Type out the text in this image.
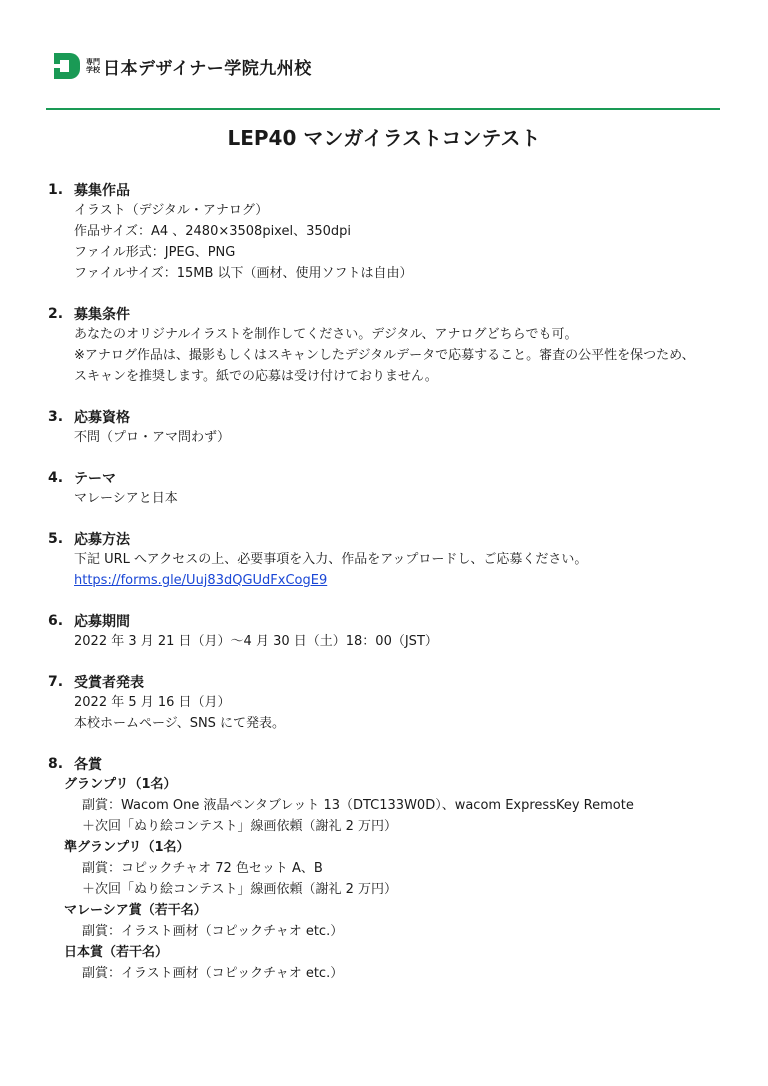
専門
学校 日本デザイナー学院九州校
LEP40 マンガイラストコンテスト
1. 募集作品
イラスト（デジタル・アナログ）
作品サイズ：A4 、2480×3508pixel、350dpi
ファイル形式：JPEG、PNG
ファイルサイズ：15MB 以下（画材、使用ソフトは自由）
2. 募集条件
あなたのオリジナルイラストを制作してください。デジタル、アナログどちらでも可。
※アナログ作品は、撮影もしくはスキャンしたデジタルデータで応募すること。審査の公平性を保つため、
スキャンを推奨します。紙での応募は受け付けておりません。
3. 応募資格
不問（プロ・アマ問わず）
4. テーマ
マレーシアと日本
5. 応募方法
下記 URL へアクセスの上、必要事項を入力、作品をアップロードし、ご応募ください。
https://forms.gle/Uuj83dQGUdFxCogE9
6. 応募期間
2022 年 3 月 21 日（月）～4 月 30 日（土）18：00（JST）
7. 受賞者発表
2022 年 5 月 16 日（月）
本校ホームページ、SNS にて発表。
8. 各賞
グランプリ（1名）
副賞：Wacom One 液晶ペンタブレット 13（DTC133W0D）、wacom ExpressKey Remote
＋次回「ぬり絵コンテスト」線画依頼（謝礼 2 万円）
準グランプリ（1名）
副賞：コピックチャオ 72 色セット A、B
＋次回「ぬり絵コンテスト」線画依頼（謝礼 2 万円）
マレーシア賞（若干名）
副賞：イラスト画材（コピックチャオ etc.）
日本賞（若干名）
副賞：イラスト画材（コピックチャオ etc.）
